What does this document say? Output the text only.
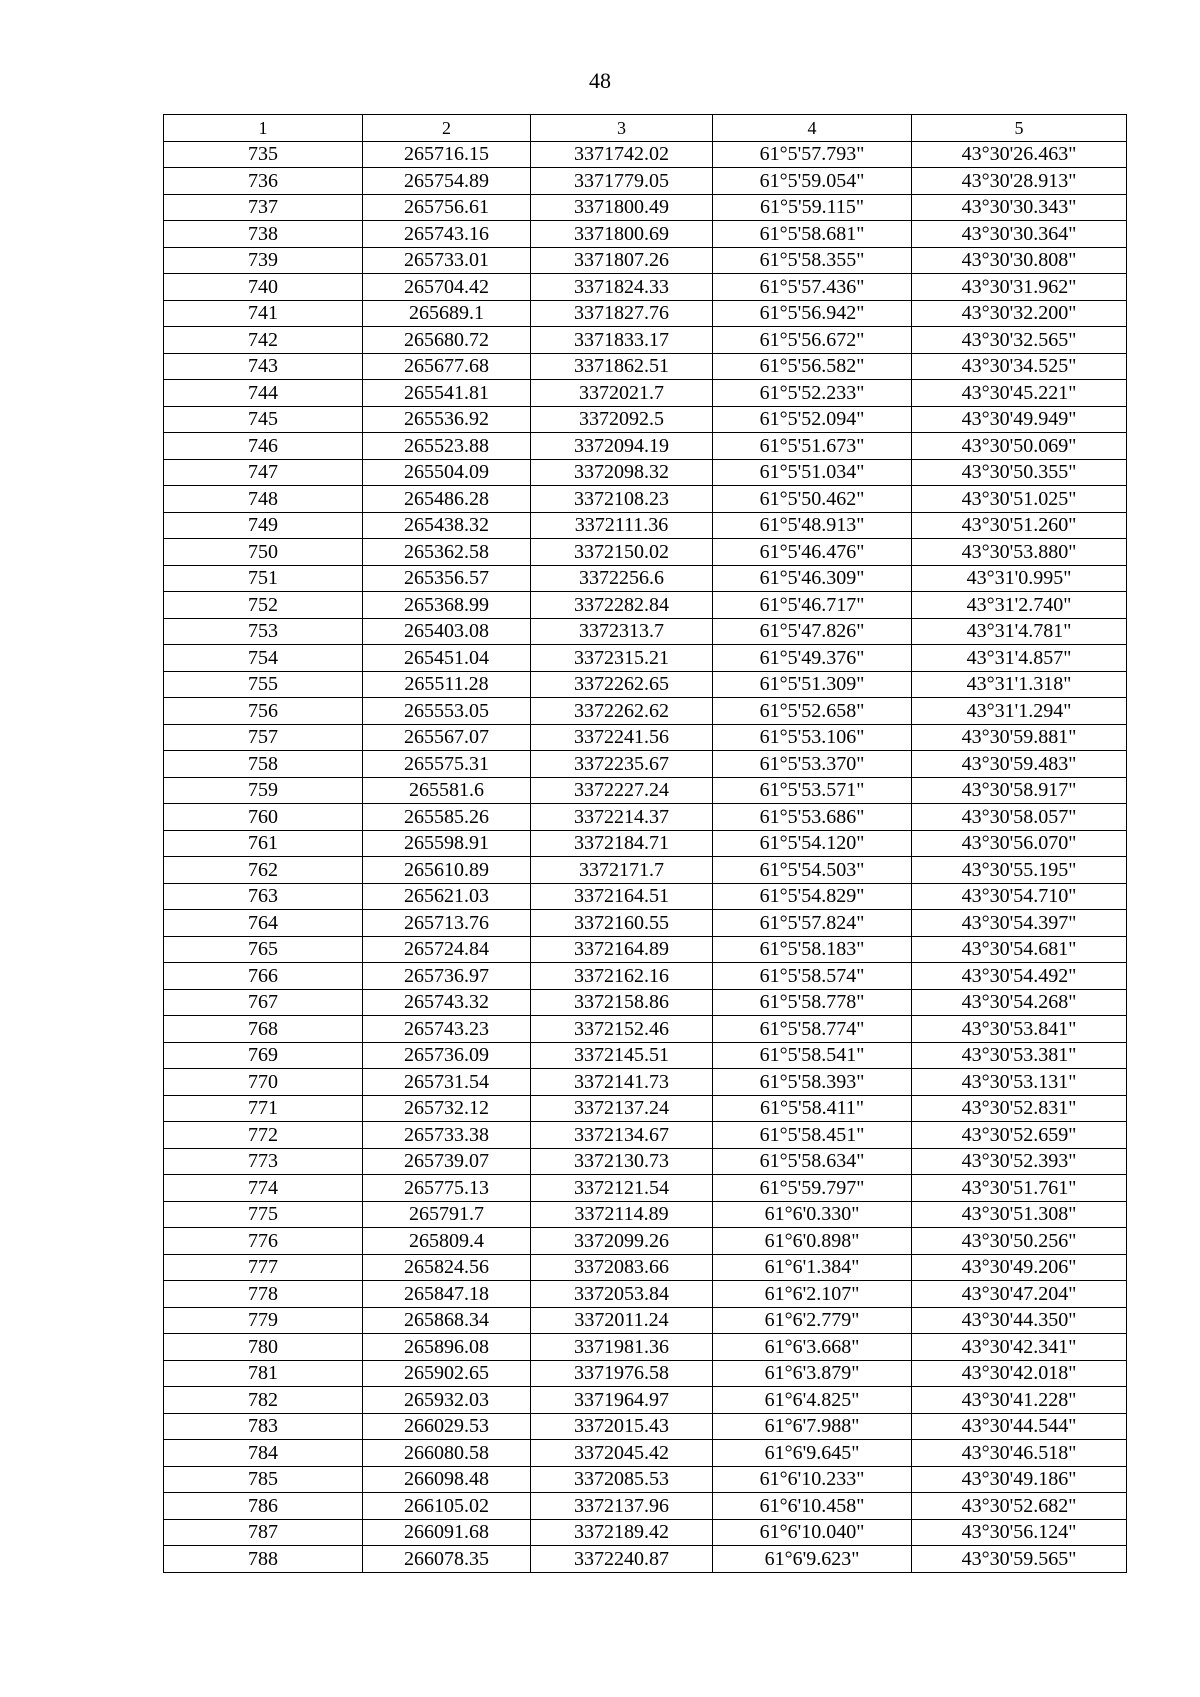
48
1	2	3	4	5
735	265716.15	3371742.02	61°5'57.793"	43°30'26.463"
736	265754.89	3371779.05	61°5'59.054"	43°30'28.913"
737	265756.61	3371800.49	61°5'59.115"	43°30'30.343"
738	265743.16	3371800.69	61°5'58.681"	43°30'30.364"
739	265733.01	3371807.26	61°5'58.355"	43°30'30.808"
740	265704.42	3371824.33	61°5'57.436"	43°30'31.962"
741	265689.1	3371827.76	61°5'56.942"	43°30'32.200"
742	265680.72	3371833.17	61°5'56.672"	43°30'32.565"
743	265677.68	3371862.51	61°5'56.582"	43°30'34.525"
744	265541.81	3372021.7	61°5'52.233"	43°30'45.221"
745	265536.92	3372092.5	61°5'52.094"	43°30'49.949"
746	265523.88	3372094.19	61°5'51.673"	43°30'50.069"
747	265504.09	3372098.32	61°5'51.034"	43°30'50.355"
748	265486.28	3372108.23	61°5'50.462"	43°30'51.025"
749	265438.32	3372111.36	61°5'48.913"	43°30'51.260"
750	265362.58	3372150.02	61°5'46.476"	43°30'53.880"
751	265356.57	3372256.6	61°5'46.309"	43°31'0.995"
752	265368.99	3372282.84	61°5'46.717"	43°31'2.740"
753	265403.08	3372313.7	61°5'47.826"	43°31'4.781"
754	265451.04	3372315.21	61°5'49.376"	43°31'4.857"
755	265511.28	3372262.65	61°5'51.309"	43°31'1.318"
756	265553.05	3372262.62	61°5'52.658"	43°31'1.294"
757	265567.07	3372241.56	61°5'53.106"	43°30'59.881"
758	265575.31	3372235.67	61°5'53.370"	43°30'59.483"
759	265581.6	3372227.24	61°5'53.571"	43°30'58.917"
760	265585.26	3372214.37	61°5'53.686"	43°30'58.057"
761	265598.91	3372184.71	61°5'54.120"	43°30'56.070"
762	265610.89	3372171.7	61°5'54.503"	43°30'55.195"
763	265621.03	3372164.51	61°5'54.829"	43°30'54.710"
764	265713.76	3372160.55	61°5'57.824"	43°30'54.397"
765	265724.84	3372164.89	61°5'58.183"	43°30'54.681"
766	265736.97	3372162.16	61°5'58.574"	43°30'54.492"
767	265743.32	3372158.86	61°5'58.778"	43°30'54.268"
768	265743.23	3372152.46	61°5'58.774"	43°30'53.841"
769	265736.09	3372145.51	61°5'58.541"	43°30'53.381"
770	265731.54	3372141.73	61°5'58.393"	43°30'53.131"
771	265732.12	3372137.24	61°5'58.411"	43°30'52.831"
772	265733.38	3372134.67	61°5'58.451"	43°30'52.659"
773	265739.07	3372130.73	61°5'58.634"	43°30'52.393"
774	265775.13	3372121.54	61°5'59.797"	43°30'51.761"
775	265791.7	3372114.89	61°6'0.330"	43°30'51.308"
776	265809.4	3372099.26	61°6'0.898"	43°30'50.256"
777	265824.56	3372083.66	61°6'1.384"	43°30'49.206"
778	265847.18	3372053.84	61°6'2.107"	43°30'47.204"
779	265868.34	3372011.24	61°6'2.779"	43°30'44.350"
780	265896.08	3371981.36	61°6'3.668"	43°30'42.341"
781	265902.65	3371976.58	61°6'3.879"	43°30'42.018"
782	265932.03	3371964.97	61°6'4.825"	43°30'41.228"
783	266029.53	3372015.43	61°6'7.988"	43°30'44.544"
784	266080.58	3372045.42	61°6'9.645"	43°30'46.518"
785	266098.48	3372085.53	61°6'10.233"	43°30'49.186"
786	266105.02	3372137.96	61°6'10.458"	43°30'52.682"
787	266091.68	3372189.42	61°6'10.040"	43°30'56.124"
788	266078.35	3372240.87	61°6'9.623"	43°30'59.565"
